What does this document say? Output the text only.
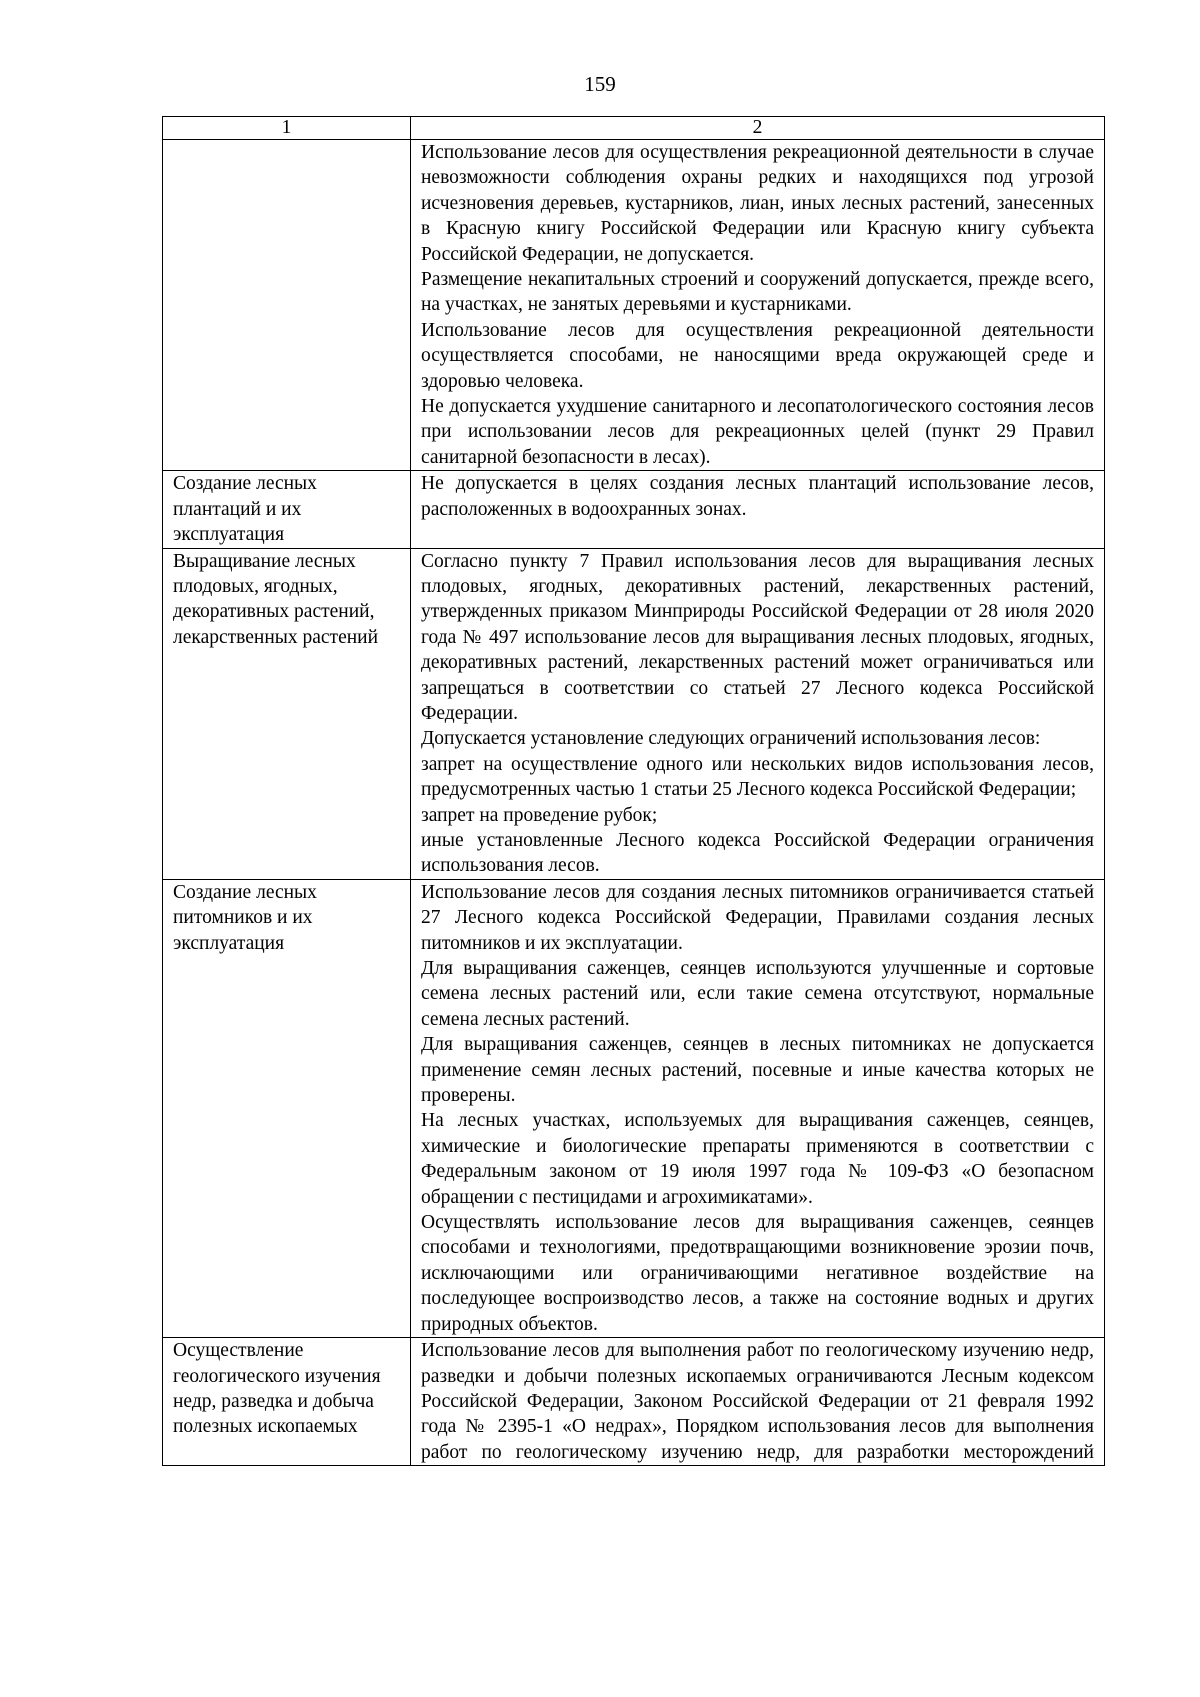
159
1	2

	Использование лесов для осуществления рекреационной деятельности в случае невозможности соблюдения охраны редких и находящихся под угрозой исчезновения деревьев, кустарников, лиан, иных лесных растений, занесенных в Красную книгу Российской Федерации или Красную книгу субъекта Российской Федерации, не допускается.

Размещение некапитальных строений и сооружений допускается, прежде всего, на участках, не занятых деревьями и кустарниками.

Использование лесов для осуществления рекреационной деятельности осуществляется способами, не наносящими вреда окружающей среде и здоровью человека.

Не допускается ухудшение санитарного и лесопатологического состояния лесов при использовании лесов для рекреационных целей (пункт 29 Правил санитарной безопасности в лесах).

Создание лесных плантаций и их эксплуатация	Не допускается в целях создания лесных плантаций использование лесов, расположенных в водоохранных зонах.

Выращивание лесных плодовых, ягодных, декоративных растений, лекарственных растений	Согласно пункту 7 Правил использования лесов для выращивания лесных плодовых, ягодных, декоративных растений, лекарственных растений, утвержденных приказом Минприроды Российской Федерации от 28 июля 2020 года № 497 использование лесов для выращивания лесных плодовых, ягодных, декоративных растений, лекарственных растений может ограничиваться или запрещаться в соответствии со статьей 27 Лесного кодекса Российской Федерации.

Допускается установление следующих ограничений использования лесов:

запрет на осуществление одного или нескольких видов использования лесов, предусмотренных частью 1 статьи 25 Лесного кодекса Российской Федерации;

запрет на проведение рубок;

иные установленные Лесного кодекса Российской Федерации ограничения использования лесов.

Создание лесных питомников и их эксплуатация	Использование лесов для создания лесных питомников ограничивается статьей 27 Лесного кодекса Российской Федерации, Правилами создания лесных питомников и их эксплуатации.

Для выращивания саженцев, сеянцев используются улучшенные и сортовые семена лесных растений или, если такие семена отсутствуют, нормальные семена лесных растений.

Для выращивания саженцев, сеянцев в лесных питомниках не допускается применение семян лесных растений, посевные и иные качества которых не проверены.

На лесных участках, используемых для выращивания саженцев, сеянцев, химические и биологические препараты применяются в соответствии с Федеральным законом от 19 июля 1997 года № 109-ФЗ «О безопасном обращении с пестицидами и агрохимикатами».

Осуществлять использование лесов для выращивания саженцев, сеянцев способами и технологиями, предотвращающими возникновение эрозии почв, исключающими или ограничивающими негативное воздействие на последующее воспроизводство лесов, а также на состояние водных и других природных объектов.

Осуществление геологического изучения недр, разведка и добыча полезных ископаемых	Использование лесов для выполнения работ по геологическому изучению недр, разведки и добычи полезных ископаемых ограничиваются Лесным кодексом Российской Федерации, Законом Российской Федерации от 21 февраля 1992 года № 2395-1 «О недрах», Порядком использования лесов для выполнения работ по геологическому изучению недр, для разработки месторождений
